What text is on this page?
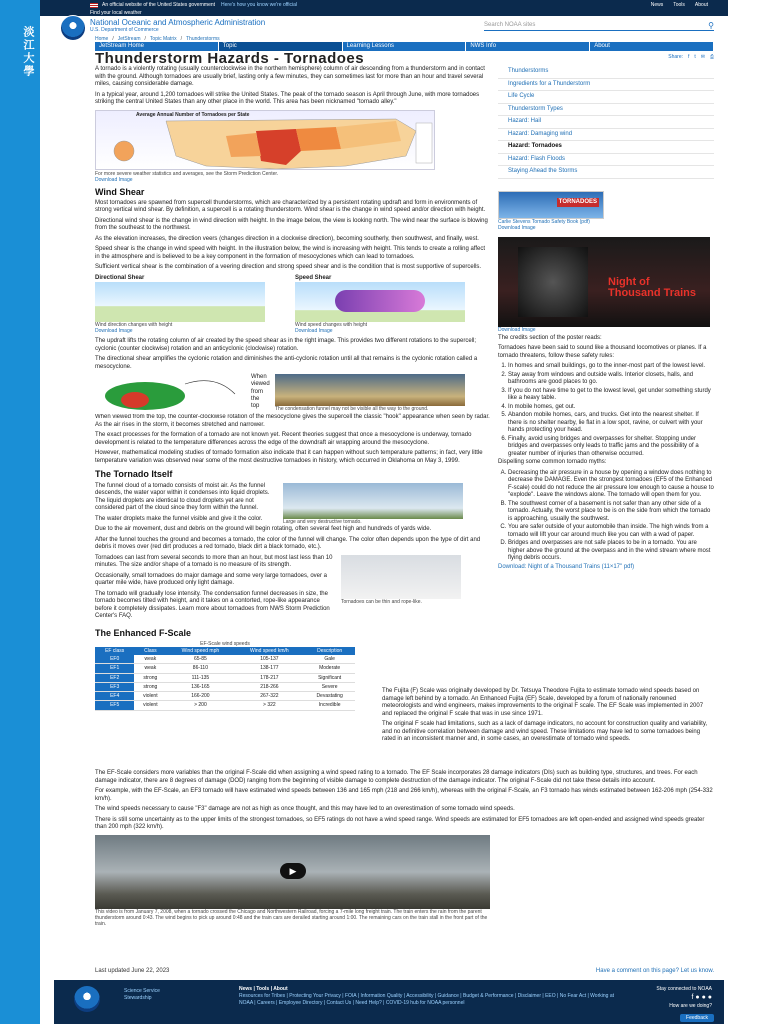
淡江大學
An official website of the United States government Here's how you know we're official	News Tools About
Find your local weather
National Oceanic and Atmospheric Administration
U.S. Department of Commerce
Search NOAA sites	⚲
Home / JetStream / Topic Matrix / Thunderstorms
JetStream Home	Topic	Learning Lessons	NWS Info	About
Thunderstorm Hazards - Tornadoes	Share: f t ✉ ⎙

A tornado is a violently rotating (usually counterclockwise in the northern hemisphere) column of air descending from a thunderstorm and in contact with the ground. Although tornadoes are usually brief, lasting only a few minutes, they can sometimes last for more than an hour and travel several miles, causing considerable damage.

In a typical year, around 1,200 tornadoes will strike the United States. The peak of the tornado season is April through June, with more tornadoes striking the central United States than any other place in the world. This area has been nicknamed "tornado alley."

Average Annual Number of Tornadoes per State
For more severe weather statistics and averages, see the Storm Prediction Center.
Download Image
Wind Shear

Most tornadoes are spawned from supercell thunderstorms, which are characterized by a persistent rotating updraft and form in environments of strong vertical wind shear. By definition, a supercell is a rotating thunderstorm. Wind shear is the change in wind speed and/or direction with height.

Directional wind shear is the change in wind direction with height. In the image below, the view is looking north. The wind near the surface is blowing from the southeast to the northwest.

As the elevation increases, the direction veers (changes direction in a clockwise direction), becoming southerly, then southwest, and finally, west.

Speed shear is the change in wind speed with height. In the illustration below, the wind is increasing with height. This tends to create a rolling affect in the atmosphere and is believed to be a key component in the formation of mesocyclones which can lead to tornadoes.

Sufficient vertical shear is the combination of a veering direction and strong speed shear and is the condition that is most supportive of supercells.

Directional Shear
Wind direction changes with height
Download Image
Speed Shear
Wind speed changes with height
Download Image

The updraft lifts the rotating column of air created by the speed shear as in the right image. This provides two different rotations to the supercell; cyclonic (counter clockwise) rotation and an anticyclonic (clockwise) rotation.

The directional shear amplifies the cyclonic rotation and diminishes the anti-cyclonic rotation until all that remains is the cyclonic rotation called a mesocyclone.

When viewed from the top
The condensation funnel may not be visible all the way to the ground.

When viewed from the top, the counter-clockwise rotation of the mesocyclone gives the supercell the classic "hook" appearance when seen by radar. As the air rises in the storm, it becomes stretched and narrower.

The exact processes for the formation of a tornado are not known yet. Recent theories suggest that once a mesocyclone is underway, tornado development is related to the temperature differences across the edge of the downdraft air wrapping around the mesocyclone.

However, mathematical modeling studies of tornado formation also indicate that it can happen without such temperature patterns; in fact, very little temperature variation was observed near some of the most destructive tornadoes in history, which occurred in Oklahoma on May 3, 1999.

The Tornado Itself

The funnel cloud of a tornado consists of moist air. As the funnel descends, the water vapor within it condenses into liquid droplets. The liquid droplets are identical to cloud droplets yet are not considered part of the cloud since they form within the funnel.

The water droplets make the funnel visible and give it the color.	Large and very destructive tornado.

Due to the air movement, dust and debris on the ground will begin rotating, often several feet high and hundreds of yards wide.

After the funnel touches the ground and becomes a tornado, the color of the funnel will change. The color often depends upon the type of dirt and debris it moves over (red dirt produces a red tornado, black dirt a black tornado, etc.).

Tornadoes can last from several seconds to more than an hour, but most last less than 10 minutes. The size and/or shape of a tornado is no measure of its strength.

Occasionally, small tornadoes do major damage and some very large tornadoes, over a quarter mile wide, have produced only light damage.

The tornado will gradually lose intensity. The condensation funnel decreases in size, the tornado becomes tilted with height, and it takes on a contorted, rope-like appearance before it completely dissipates. Learn more about tornadoes from NWS Storm Prediction Center's FAQ.

Tornadoes can be thin and rope-like.
The Enhanced F-Scale
EF-Scale wind speeds
EF class	Class	Wind speed mph	Wind speed km/h	Description
EF0	weak	65-85	105-137	Gale
EF1	weak	86-110	138-177	Moderate
EF2	strong	111-135	178-217	Significant
EF3	strong	136-165	218-266	Severe
EF4	violent	166-200	267-322	Devastating
EF5	violent	> 200	> 322	Incredible

The Fujita (F) Scale was originally developed by Dr. Tetsuya Theodore Fujita to estimate tornado wind speeds based on damage left behind by a tornado. An Enhanced Fujita (EF) Scale, developed by a forum of nationally renowned meteorologists and wind engineers, makes improvements to the original F scale. The EF Scale was implemented in 2007 and replaced the original F scale that was in use since 1971.

The original F scale had limitations, such as a lack of damage indicators, no account for construction quality and variability, and no definitive correlation between damage and wind speed. These limitations may have led to some tornadoes being rated in an inconsistent manner and, in some cases, an overestimate of tornado wind speeds.

The EF-Scale considers more variables than the original F-Scale did when assigning a wind speed rating to a tornado. The EF Scale incorporates 28 damage indicators (DIs) such as building type, structures, and trees. For each damage indicator, there are 8 degrees of damage (DOD) ranging from the beginning of visible damage to complete destruction of the damage indicator. The original F-Scale did not take these details into account.

For example, with the EF-Scale, an EF3 tornado will have estimated wind speeds between 136 and 165 mph (218 and 266 km/h), whereas with the original F-Scale, an F3 tornado has winds estimated between 162-206 mph (254-332 km/h).

The wind speeds necessary to cause "F3" damage are not as high as once thought, and this may have led to an overestimation of some tornado wind speeds.

There is still some uncertainty as to the upper limits of the strongest tornadoes, so EF5 ratings do not have a wind speed range. Wind speeds are estimated for EF5 tornadoes are left open-ended and assigned wind speeds greater than 200 mph (322 km/h).

▶
This video is from January 7, 2008, when a tornado crossed the Chicago and Northwestern Railroad, forcing a 7-mile long freight train. The train enters the rain from the parent thunderstorm around 0:43. The wind begins to pick up around 0:48 and the train cars are derailed starting around 1:00. The remaining cars on the train stall in the front part of the train.
Thunderstorms
Ingredients for a Thunderstorm
Life Cycle
Thunderstorm Types
Hazard: Hail
Hazard: Damaging wind
Hazard: Tornadoes
Hazard: Flash Floods
Staying Ahead the Storms
TORNADOES
Carlie Stevens Tornado Safety Book (pdf)
Download Image
Night of Thousand Trains
Download Image

The credits section of the poster reads:

Tornadoes have been said to sound like a thousand locomotives or planes. If a tornado threatens, follow these safety rules:

1. In homes and small buildings, go to the inner-most part of the lowest level.
2. Stay away from windows and outside walls. Interior closets, halls, and bathrooms are good places to go.
3. If you do not have time to get to the lowest level, get under something sturdy like a heavy table.
4. In mobile homes, get out.
5. Abandon mobile homes, cars, and trucks. Get into the nearest shelter. If there is no shelter nearby, lie flat in a low spot, ravine, or culvert with your hands protecting your head.
6. Finally, avoid using bridges and overpasses for shelter. Stopping under bridges and overpasses only leads to traffic jams and the possibility of a greater number of injuries than otherwise occurred.

Dispelling some common tornado myths:

A. Decreasing the air pressure in a house by opening a window does nothing to decrease the DAMAGE. Even the strongest tornadoes (EF5 of the Enhanced F-scale) could do not reduce the air pressure low enough to cause a house to "explode". Leave the windows alone. The tornado will open them for you.
B. The southwest corner of a basement is not safer than any other side of a tornado. Actually, the worst place to be is on the side from which the tornado is approaching, usually the southwest.
C. You are safer outside of your automobile than inside. The high winds from a tornado will lift your car around much like you can with a wad of paper.
D. Bridges and overpasses are not safe places to be in a tornado. You are higher above the ground at the overpass and in the wind stream where most flying debris occurs.

Download: Night of a Thousand Trains (11×17" pdf)

Last updated June 22, 2023	Have a comment on this page? Let us know.
Science Service
Stewardship
News | Tools | About
Resources for Tribes | Protecting Your Privacy | FOIA | Information Quality | Accessibility | Guidance | Budget & Performance | Disclaimer | EEO | No Fear Act | Working at NOAA | Careers | Employee Directory | Contact Us | Need Help? | COVID-19 hub for NOAA personnel
Stay connected to NOAA
f ● ● ●
How are we doing?
Feedback
